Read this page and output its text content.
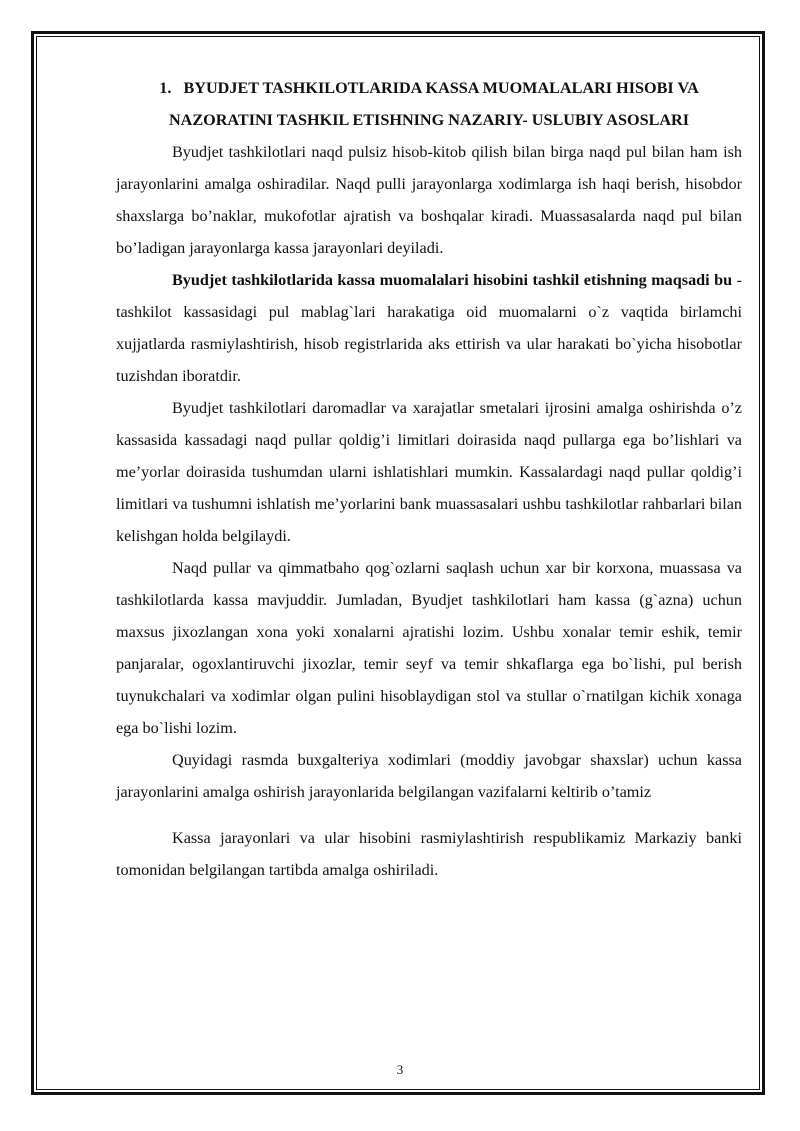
1. BYUDJET TASHKILOTLARIDA KASSA MUOMALALARI HISOBI VA NAZORATINI TASHKIL ETISHNING NAZARIY- USLUBIY ASOSLARI

Byudjet tashkilotlari naqd pulsiz hisob-kitob qilish bilan birga naqd pul bilan ham ish jarayonlarini amalga oshiradilar. Naqd pulli jarayonlarga xodimlarga ish haqi berish, hisobdor shaxslarga bo’naklar, mukofotlar ajratish va boshqalar kiradi. Muassasalarda naqd pul bilan bo’ladigan jarayonlarga kassa jarayonlari deyiladi.

Byudjet tashkilotlarida kassa muomalalari hisobini tashkil etishning maqsadi bu - tashkilot kassasidagi pul mablag`lari harakatiga oid muomalarni o`z vaqtida birlamchi xujjatlarda rasmiylashtirish, hisob registrlarida aks ettirish va ular harakati bo`yicha hisobotlar tuzishdan iboratdir.

Byudjet tashkilotlari daromadlar va xarajatlar smetalari ijrosini amalga oshirishda o’z kassasida kassadagi naqd pullar qoldig’i limitlari doirasida naqd pullarga ega bo’lishlari va me’yorlar doirasida tushumdan ularni ishlatishlari mumkin. Kassalardagi naqd pullar qoldig’i limitlari va tushumni ishlatish me’yorlarini bank muassasalari ushbu tashkilotlar rahbarlari bilan kelishgan holda belgilaydi.

Naqd pullar va qimmatbaho qog`ozlarni saqlash uchun xar bir korxona, muassasa va tashkilotlarda kassa mavjuddir. Jumladan, Byudjet tashkilotlari ham kassa (g`azna) uchun maxsus jixozlangan xona yoki xonalarni ajratishi lozim. Ushbu xonalar temir eshik, temir panjaralar, ogoxlantiruvchi jixozlar, temir seyf va temir shkaflarga ega bo`lishi, pul berish tuynukchalari va xodimlar olgan pulini hisoblaydigan stol va stullar o`rnatilgan kichik xonaga ega bo`lishi lozim.

Quyidagi rasmda buxgalteriya xodimlari (moddiy javobgar shaxslar) uchun kassa jarayonlarini amalga oshirish jarayonlarida belgilangan vazifalarni keltirib o’tamiz

Kassa jarayonlari va ular hisobini rasmiylashtirish respublikamiz Markaziy banki tomonidan belgilangan tartibda amalga oshiriladi.

3
